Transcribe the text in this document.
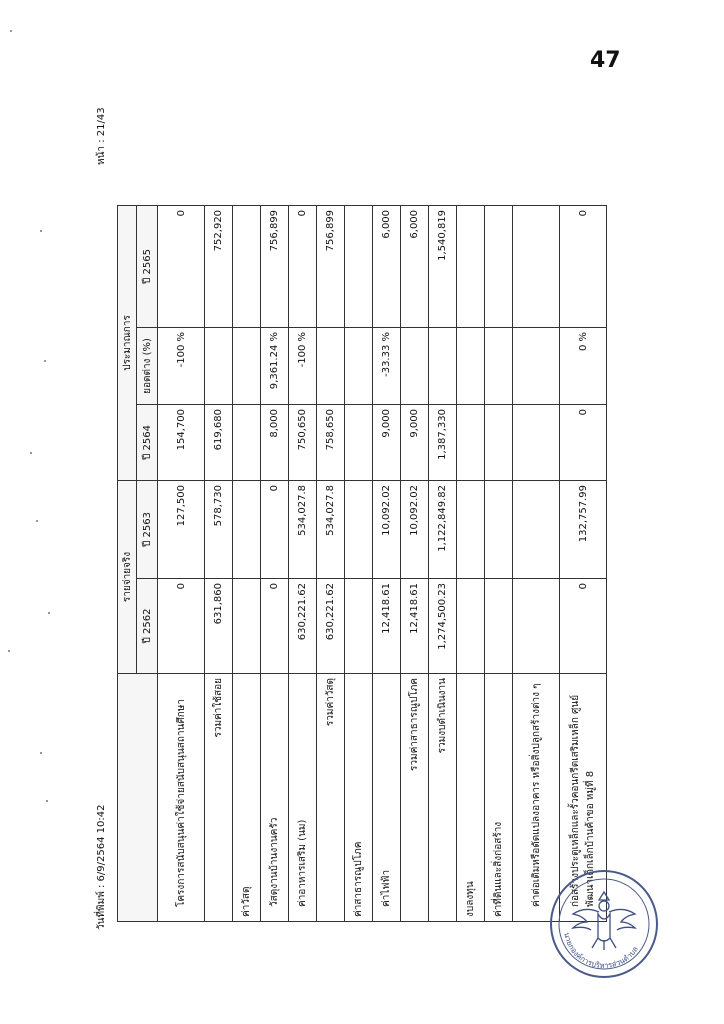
47
หน้า : 21/43
วันที่พิมพ์ : 6/9/2564 10:42
	รายจ่ายจริง		ประมาณการ		
	ปี 2562	ปี 2563	ปี 2564	ยอดต่าง (%)	ปี 2565
โครงการสนับสนุนค่าใช้จ่ายสนับสนุนสถานศึกษา	0	127,500	154,700	-100 %	0
รวมค่าใช้สอย	631,860	578,730	619,680		752,920
ค่าวัสดุ					
วัสดุงานบ้านงานครัว	0	0	8,000	9,361.24 %	756,899
ค่าอาหารเสริม (นม)	630,221.62	534,027.8	750,650	-100 %	0
รวมค่าวัสดุ	630,221.62	534,027.8	758,650		756,899
ค่าสาธารณูปโภค					
ค่าไฟฟ้า	12,418.61	10,092.02	9,000	-33.33 %	6,000
รวมค่าสาธารณูปโภค	12,418.61	10,092.02	9,000		6,000
รวมงบดำเนินงาน	1,274,500.23	1,122,849.82	1,387,330		1,540,819
งบลงทุน					
ค่าที่ดินและสิ่งก่อสร้าง					
ค่าต่อเติมหรือดัดแปลงอาคาร หรือสิ่งปลูกสร้างต่าง ๆ					
ก่อสร้างประตูเหล็กและรั้วคอนกรีตเสริมเหล็ก ศูนย์พัฒนาเด็กเล็กบ้านค้าขอ หมู่ที่ 8	0	132,757.99	0	0 %	0
นายกองค์การบริหารส่วนตำบล
